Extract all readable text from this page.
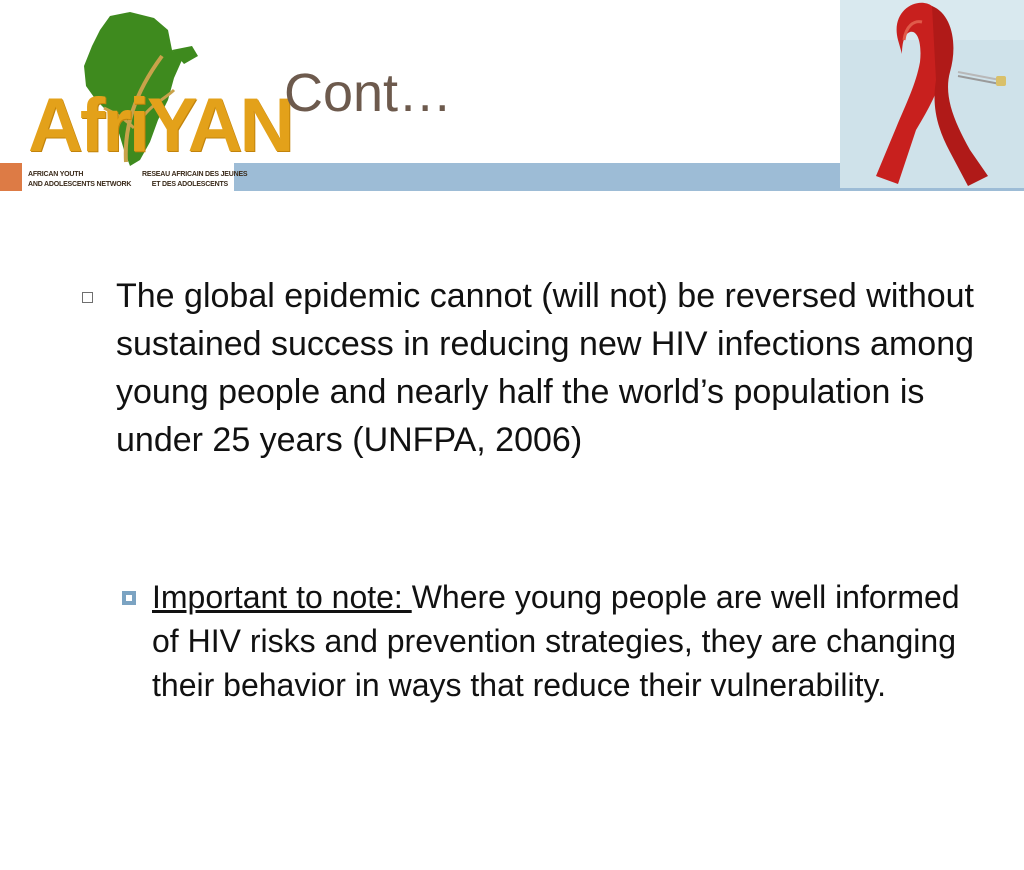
AfriYAN
AFRICAN YOUTH
AND ADOLESCENTS NETWORK
RESEAU AFRICAIN DES JEUNES
ET DES ADOLESCENTS
Cont…
The global epidemic cannot (will not) be reversed without sustained success in reducing new HIV infections among young people and nearly half the world’s population is under 25 years (UNFPA, 2006)
Important to note: Where young people are well informed of HIV risks and prevention strategies, they are changing their behavior in ways that reduce their vulnerability.
